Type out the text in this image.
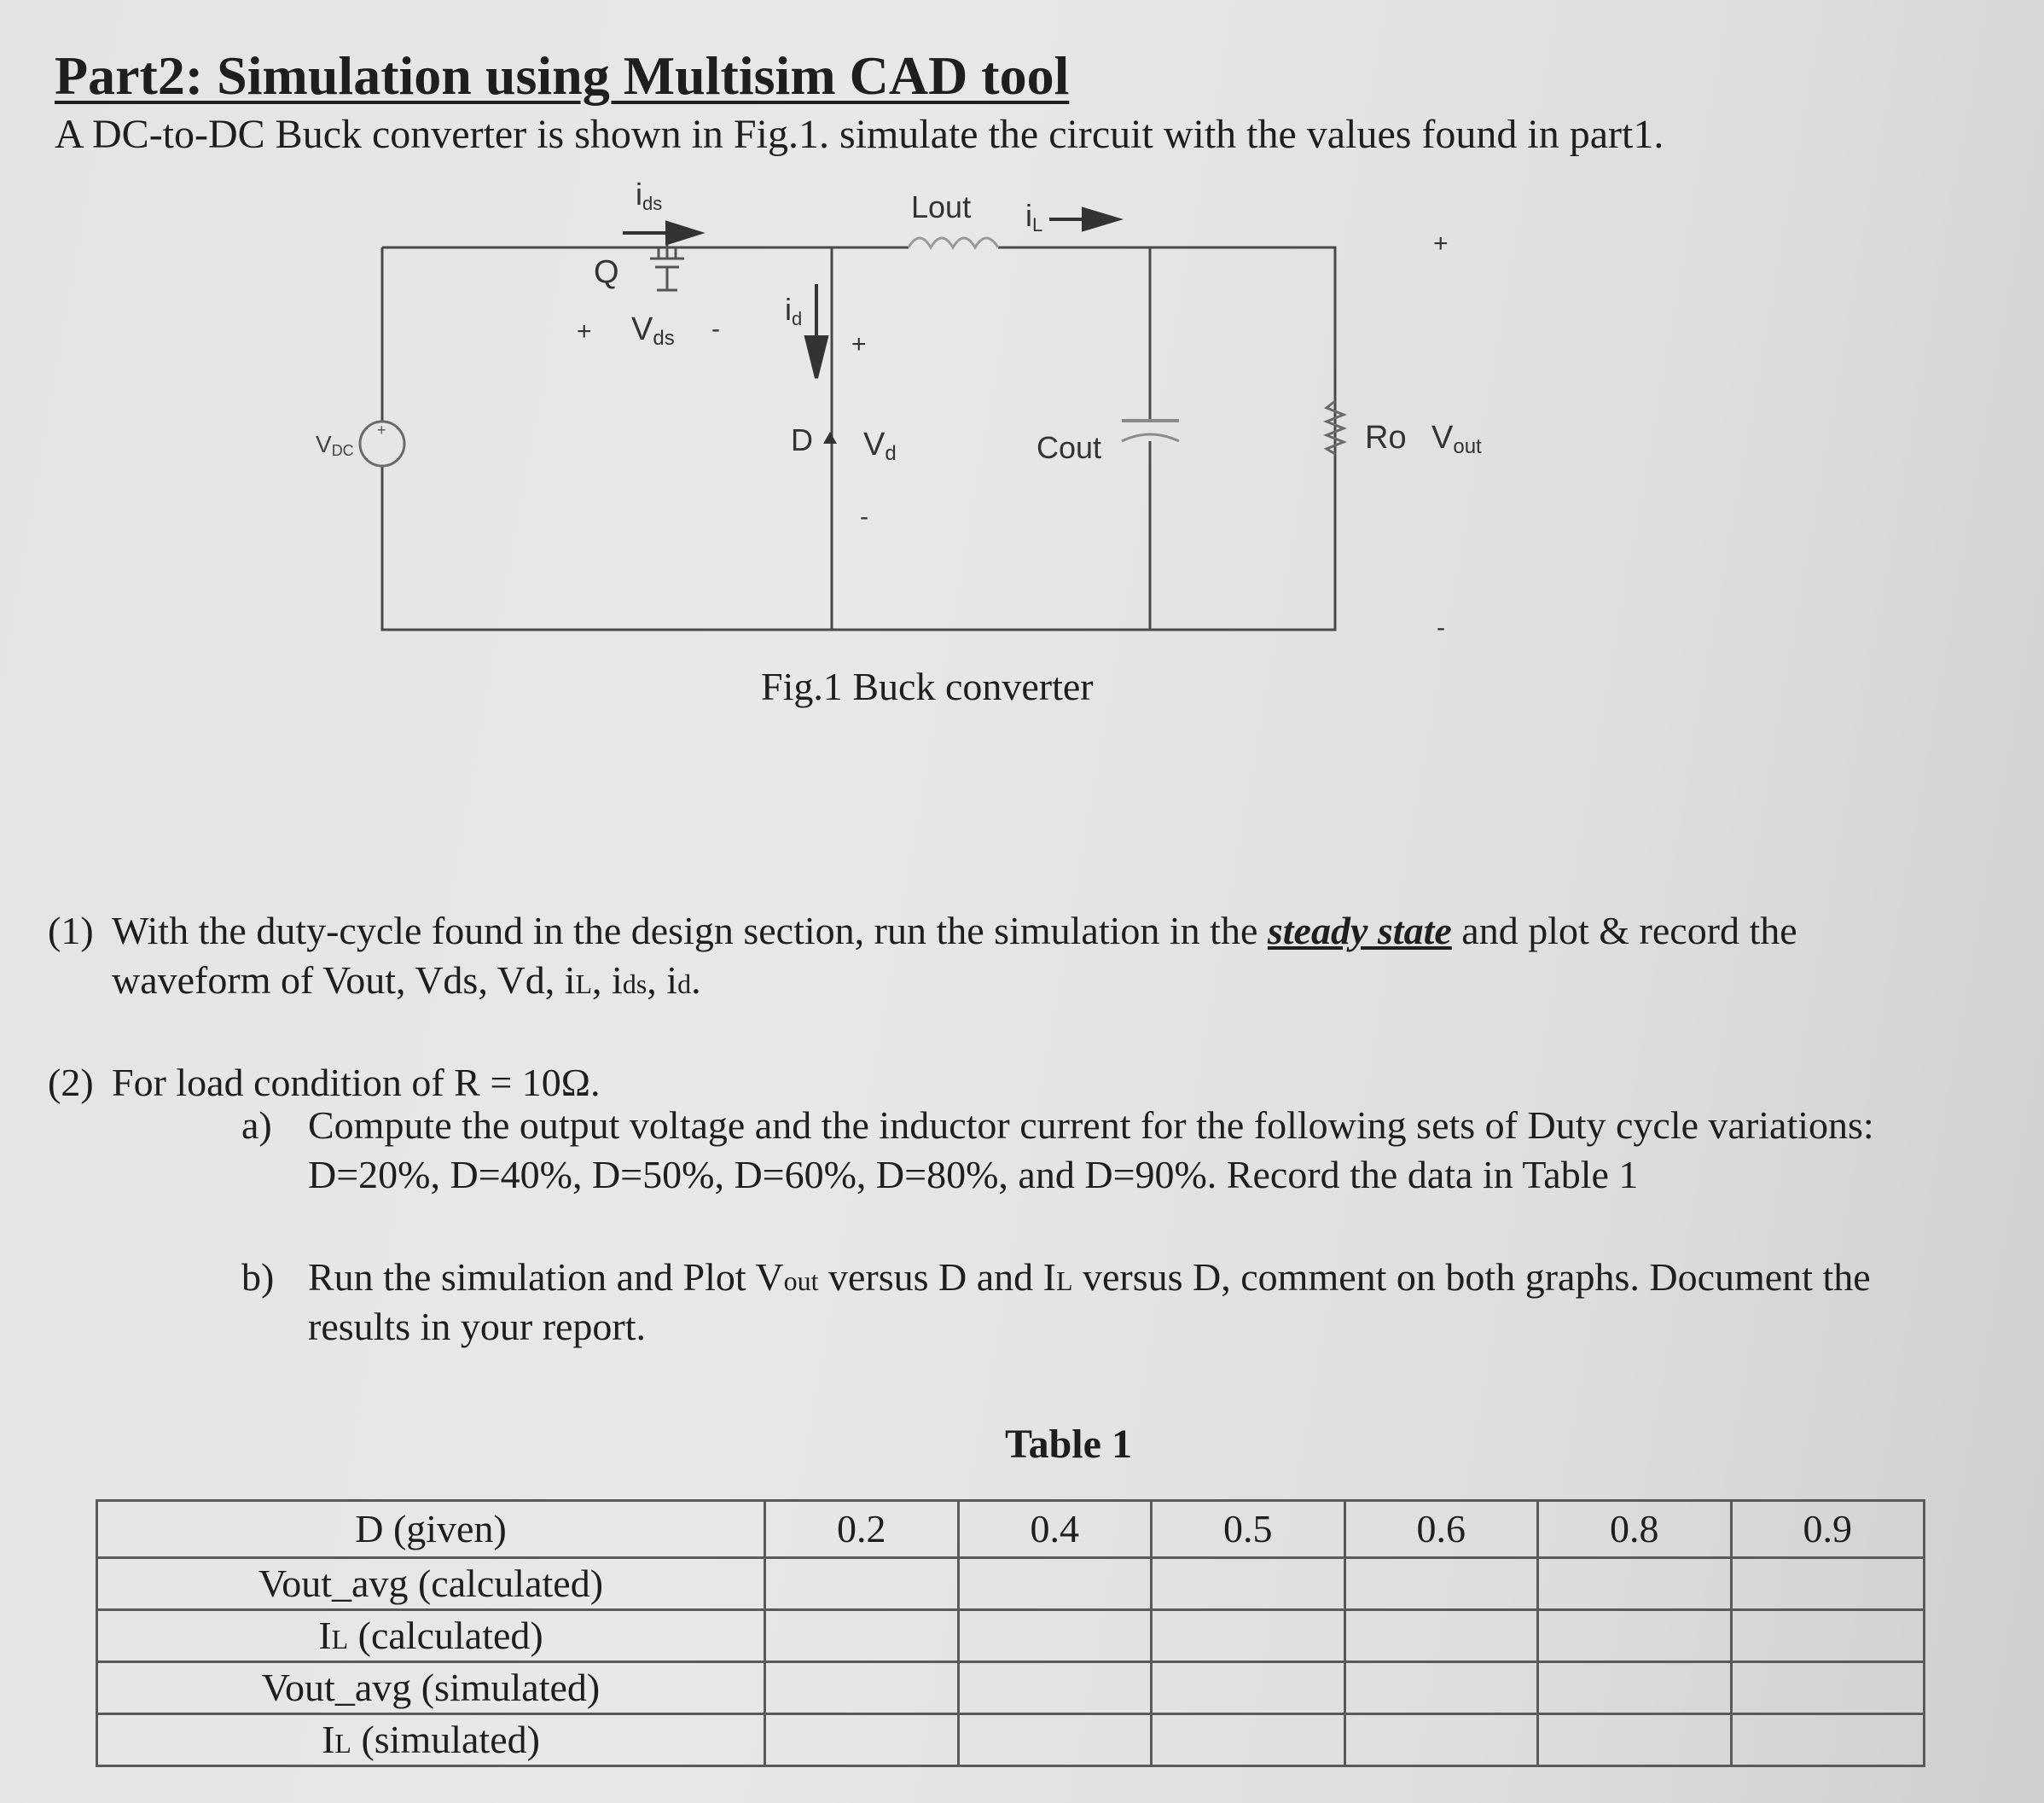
Part2: Simulation using Multisim CAD tool
A DC-to-DC Buck converter is shown in Fig.1. simulate the circuit with the values found in part1.
+
ids	Lout iL
Q
+ Vds -
id
+
VDC	D Vd
-
Cout	Ro Vout
+
-
Fig.1 Buck converter
(1) With the duty-cycle found in the design section, run the simulation in the steady state and plot & record the waveform of Vout, Vds, Vd, iL, ids, id.
(2) For load condition of R = 10Ω.
a) Compute the output voltage and the inductor current for the following sets of Duty cycle variations: D=20%, D=40%, D=50%, D=60%, D=80%, and D=90%. Record the data in Table 1
b) Run the simulation and Plot Vout versus D and IL versus D, comment on both graphs. Document the results in your report.
Table 1
D (given)	0.2	0.4	0.5	0.6	0.8	0.9
Vout_avg (calculated)						
IL (calculated)						
Vout_avg (simulated)						
IL (simulated)						
